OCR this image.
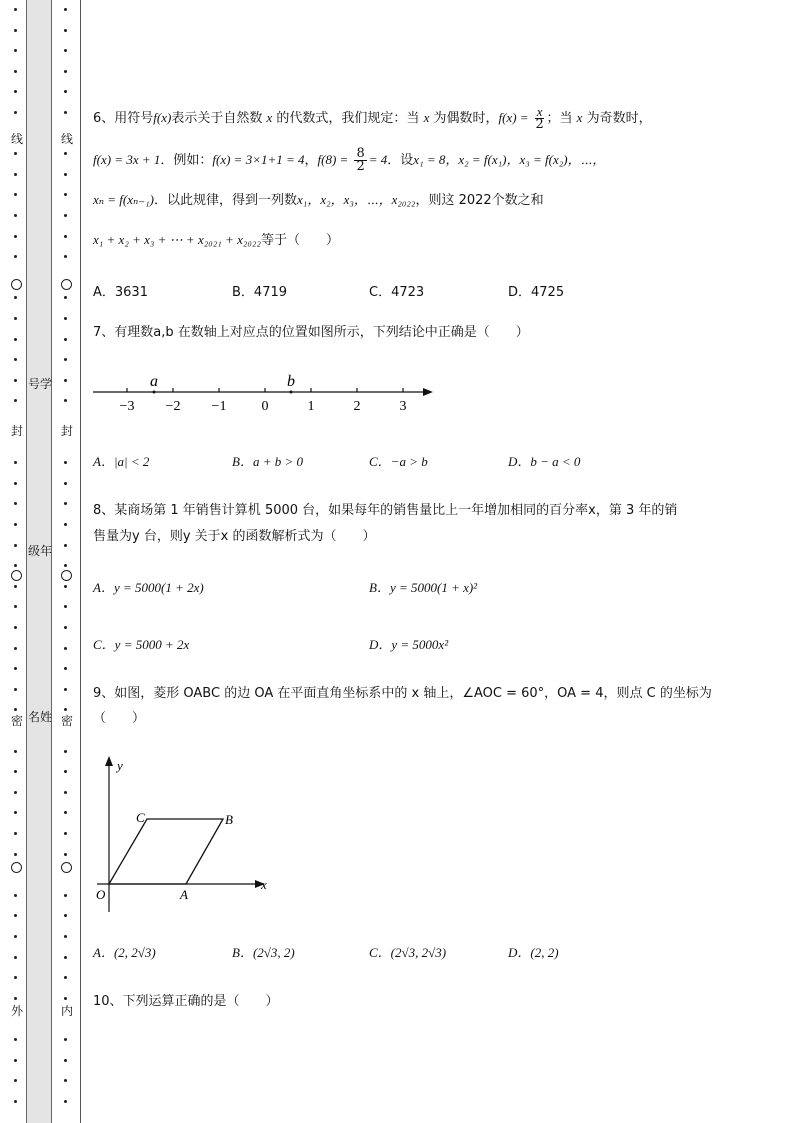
线
封
密
外
号学
级年
名姓
线
封
密
内
6、用符号f(x)表示关于自然数 x 的代数式，我们规定：当 x 为偶数时，$f(x) = \frac{x}{2}$ ；当 x 为奇数时，
f(x) = 3x + 1．例如：f(x) = 3×1+1 = 4，$f(8) = \frac{8}{2} = 4$．设x₁ = 8，x₂ = f(x₁)，x₃ = f(x₂)，⋯，
xₙ = f(xₙ₋₁)．以此规律，得到一列数x₁，x₂，x₃，⋯，x₂₀₂₂，则这 2022个数之和
x₁ + x₂ + x₃ + ⋯ + x₂₀₂₁ + x₂₀₂₂等于（　　）
A．3631	B．4719	C．4723	D．4725
7、有理数a,b 在数轴上对应点的位置如图所示，下列结论中正确是（　　）
−3 −2 −1	0	1	2	3
a	b
A．|a| < 2	B．a + b > 0	C．−a > b	D．b − a < 0
8、某商场第 1 年销售计算机 5000 台，如果每年的销售量比上一年增加相同的百分率x，第 3 年的销
售量为y 台，则y 关于x 的函数解析式为（　　）
A．y = 5000(1 + 2x)	B．y = 5000(1 + x)²
C．y = 5000 + 2x	D．y = 5000x²
9、如图，菱形 OABC 的边 OA 在平面直角坐标系中的 x 轴上，∠AOC = 60°，OA = 4，则点 C 的坐标为
（　　）
y
x
O	A
B
C
A．(2, 2√3)	B．(2√3, 2)	C．(2√3, 2√3)	D．(2, 2)
10、下列运算正确的是（　　）
